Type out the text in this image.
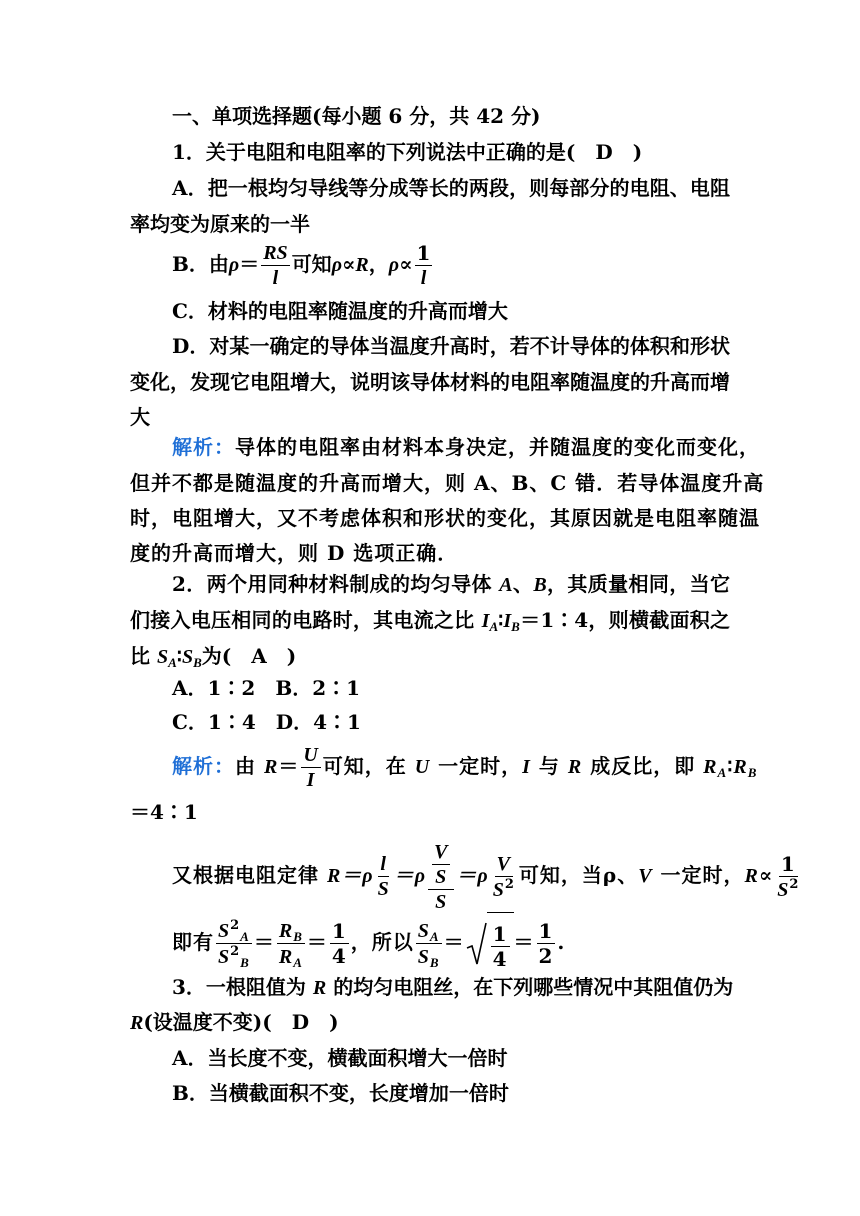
一、单项选择题(每小题 6 分，共 42 分)
1．关于电阻和电阻率的下列说法中正确的是(　D　)
A．把一根均匀导线等分成等长的两段，则每部分的电阻、电阻
率均变为原来的一半
B．由$\rho= \frac{RS}{l}$ 可知ρ∝R，$\rho\propto \frac{1}{l}$
C．材料的电阻率随温度的升高而增大
D．对某一确定的导体当温度升高时，若不计导体的体积和形状
变化，发现它电阻增大，说明该导体材料的电阻率随温度的升高而增
大
解析：导体的电阻率由材料本身决定，并随温度的变化而变化，
但并不都是随温度的升高而增大，则 A、B、C 错．若导体温度升高
时，电阻增大，又不考虑体积和形状的变化，其原因就是电阻率随温
度的升高而增大，则 D 选项正确．
2．两个用同种材料制成的均匀导体 A、B，其质量相同，当它
们接入电压相同的电路时，其电流之比 $I_A∶I_B=1∶4$，则横截面积之
比 $S_A∶S_B$为(　A　)
A．1∶2　B．2∶1
C．1∶4　D．4∶1
解析：由 $R= \frac{U}{I}$ 可知，在 U 一定时，I 与 R 成反比，即 $R_A∶R_B$
＝4∶1
又根据电阻定律 $R=\rho \frac{l}{S} =\rho \frac{\frac{V}{S}}{S} =\rho \frac{V}{S^2}$ 可知，当ρ、V 一定时，$R\propto \frac{1}{S^2}$
即有 $\frac{S^2_A}{S^2_B} = \frac{R_B}{R_A} = \frac{1}{4}$ ，所以 $\frac{S_A}{S_B} = \frac{1}{4} = \frac{1}{2}$ .
3．一根阻值为 R 的均匀电阻丝，在下列哪些情况中其阻值仍为
R(设温度不变)(　D　)
A．当长度不变，横截面积增大一倍时
B．当横截面积不变，长度增加一倍时
